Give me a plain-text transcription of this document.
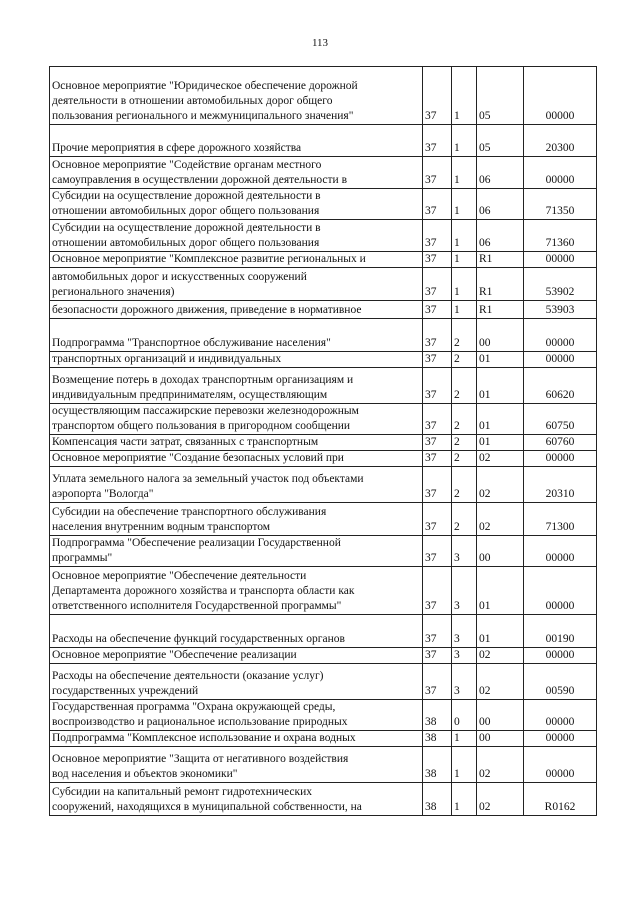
113
Основное мероприятие "Юридическое обеспечение дорожной
деятельности в отношении автомобильных дорог общего
пользования регионального и межмуниципального значения"	37	1	05	00000

Прочие мероприятия в сфере дорожного хозяйства	37	1	05	20300
Основное мероприятие "Содействие органам местного
самоуправления в осуществлении дорожной деятельности в	37	1	06	00000
Субсидии на осуществление дорожной деятельности в
отношении автомобильных дорог общего пользования	37	1	06	71350
Субсидии на осуществление дорожной деятельности в
отношении автомобильных дорог общего пользования	37	1	06	71360
Основное мероприятие "Комплексное развитие региональных и	37	1	R1	00000
автомобильных дорог и искусственных сооружений
регионального значения)	37	1	R1	53902
безопасности дорожного движения, приведение в нормативное	37	1	R1	53903

Подпрограмма "Транспортное обслуживание населения"	37	2	00	00000
транспортных организаций и индивидуальных	37	2	01	00000
Возмещение потерь в доходах транспортным организациям и
индивидуальным предпринимателям, осуществляющим	37	2	01	60620
осуществляющим пассажирские перевозки железнодорожным
транспортом общего пользования в пригородном сообщении	37	2	01	60750
Компенсация части затрат, связанных с транспортным	37	2	01	60760
Основное мероприятие "Создание безопасных условий при	37	2	02	00000
Уплата земельного налога за земельный участок под объектами
аэропорта "Вологда"	37	2	02	20310
Субсидии на обеспечение транспортного обслуживания
населения внутренним водным транспортом	37	2	02	71300
Подпрограмма "Обеспечение реализации Государственной
программы"	37	3	00	00000
Основное мероприятие "Обеспечение деятельности
Департамента дорожного хозяйства и транспорта области как
ответственного исполнителя Государственной программы"	37	3	01	00000

Расходы на обеспечение функций государственных органов	37	3	01	00190
Основное мероприятие "Обеспечение реализации	37	3	02	00000
Расходы на обеспечение деятельности (оказание услуг)
государственных учреждений	37	3	02	00590
Государственная программа "Охрана окружающей среды,
воспроизводство и рациональное использование природных	38	0	00	00000
Подпрограмма "Комплексное использование и охрана водных	38	1	00	00000
Основное мероприятие "Защита от негативного воздействия
вод населения и объектов экономики"	38	1	02	00000
Субсидии на капитальный ремонт гидротехнических
сооружений, находящихся в муниципальной собственности, на	38	1	02	R0162
